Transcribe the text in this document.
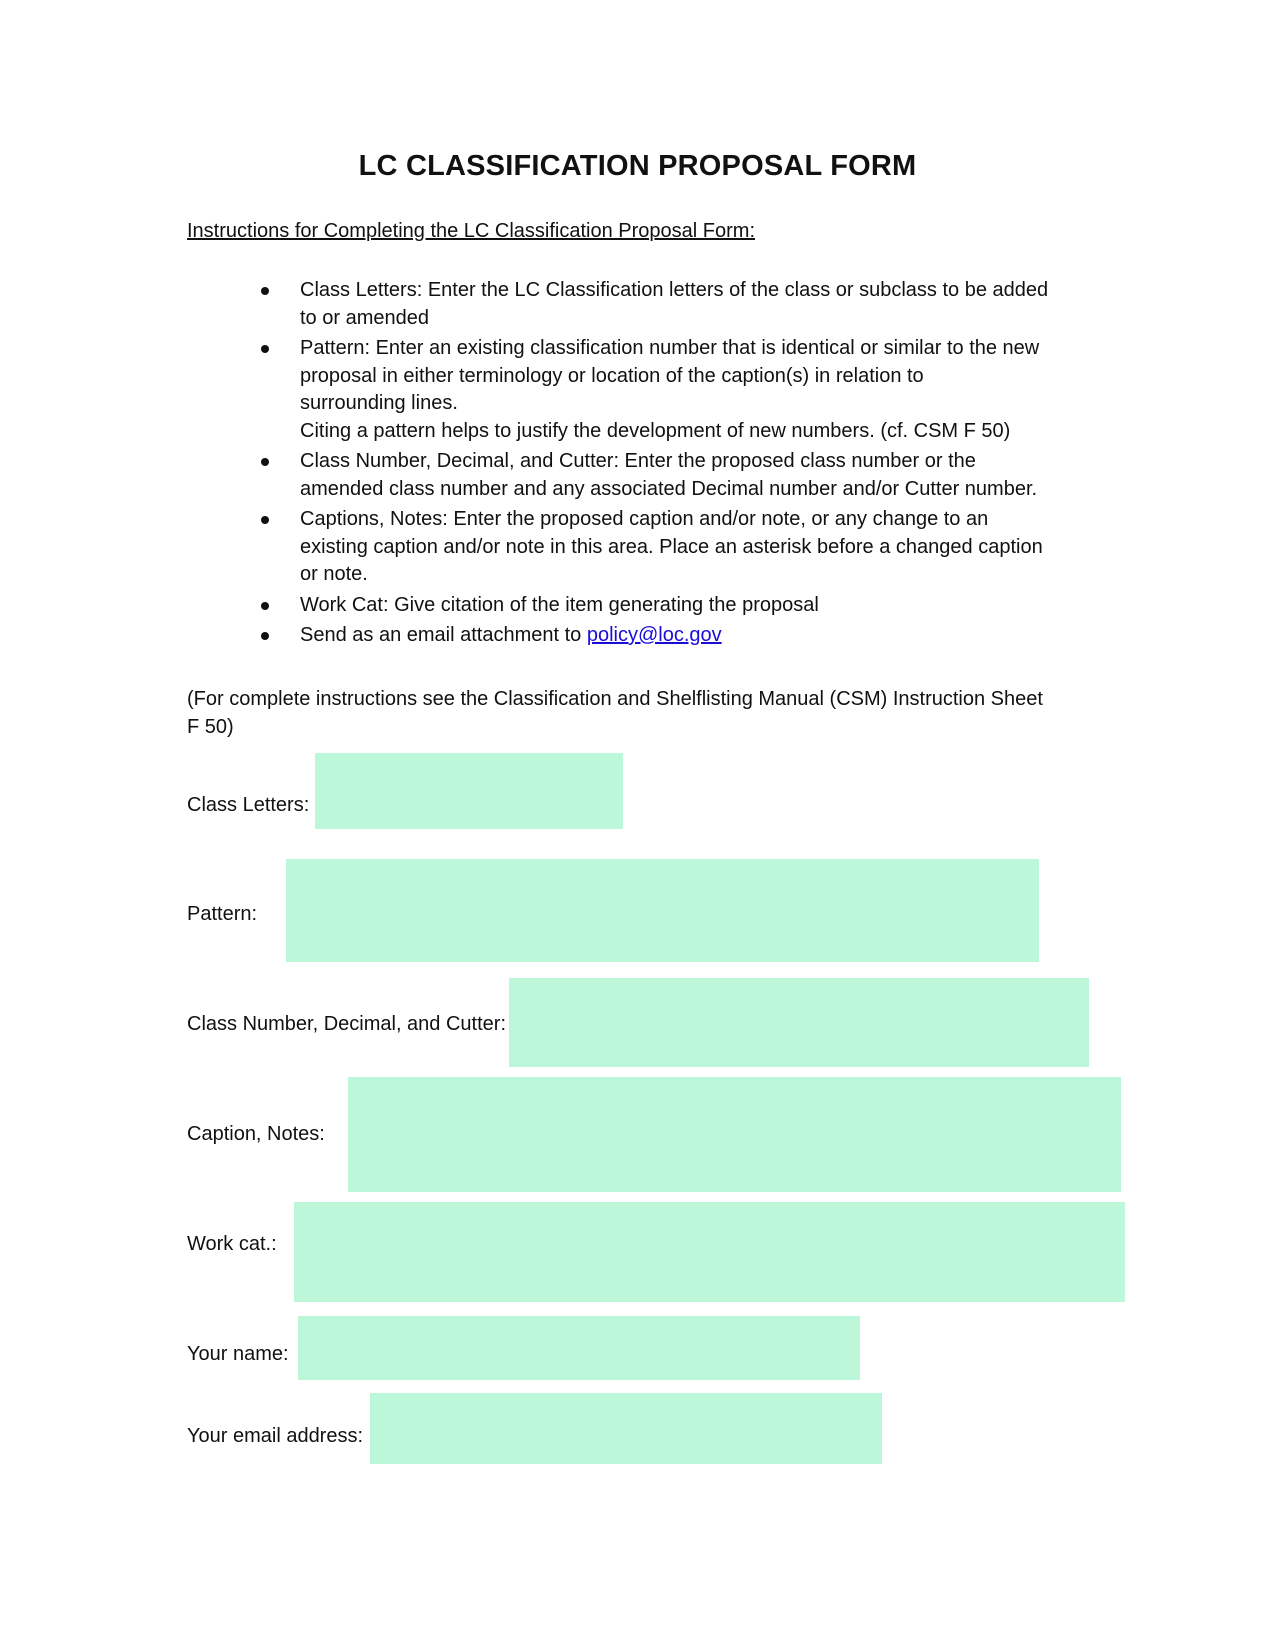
LC CLASSIFICATION PROPOSAL FORM
Instructions for Completing the LC Classification Proposal Form:
Class Letters: Enter the LC Classification letters of the class or subclass to be added
to or amended
Pattern: Enter an existing classification number that is identical or similar to the new
proposal in either terminology or location of the caption(s) in relation to
surrounding lines.
Citing a pattern helps to justify the development of new numbers. (cf. CSM F 50)
Class Number, Decimal, and Cutter: Enter the proposed class number or the
amended class number and any associated Decimal number and/or Cutter number.
Captions, Notes: Enter the proposed caption and/or note, or any change to an
existing caption and/or note in this area. Place an asterisk before a changed caption
or note.
Work Cat: Give citation of the item generating the proposal
Send as an email attachment to policy@loc.gov
(For complete instructions see the Classification and Shelflisting Manual (CSM) Instruction Sheet
F 50)
Class Letters:
Pattern:
Class Number, Decimal, and Cutter:
Caption, Notes:
Work cat.:
Your name:
Your email address:
